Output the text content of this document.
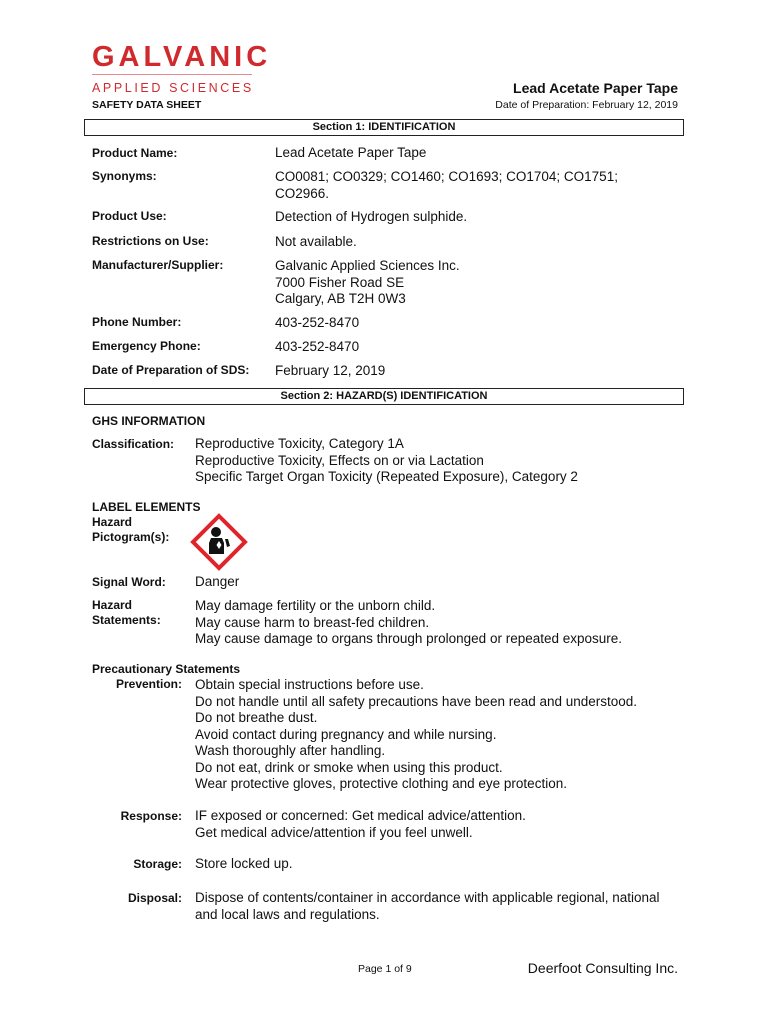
GALVANIC
APPLIED SCIENCES
SAFETY DATA SHEET
Lead Acetate Paper Tape
Date of Preparation: February 12, 2019
Section 1: IDENTIFICATION
Product Name:	Lead Acetate Paper Tape
Synonyms:	CO0081; CO0329; CO1460; CO1693; CO1704; CO1751;
CO2966.
Product Use:	Detection of Hydrogen sulphide.
Restrictions on Use:	Not available.
Manufacturer/Supplier:	Galvanic Applied Sciences Inc.
7000 Fisher Road SE
Calgary, AB T2H 0W3
Phone Number:	403-252-8470
Emergency Phone:	403-252-8470
Date of Preparation of SDS: February 12, 2019
Section 2: HAZARD(S) IDENTIFICATION
GHS INFORMATION
Classification: Reproductive Toxicity, Category 1A
Reproductive Toxicity, Effects on or via Lactation
Specific Target Organ Toxicity (Repeated Exposure), Category 2
LABEL ELEMENTS
Hazard
Pictogram(s):
Signal Word: Danger
Hazard
Statements:
May damage fertility or the unborn child.
May cause harm to breast-fed children.
May cause damage to organs through prolonged or repeated exposure.
Precautionary Statements
Prevention: Obtain special instructions before use.
Do not handle until all safety precautions have been read and understood.
Do not breathe dust.
Avoid contact during pregnancy and while nursing.
Wash thoroughly after handling.
Do not eat, drink or smoke when using this product.
Wear protective gloves, protective clothing and eye protection.
Response: IF exposed or concerned: Get medical advice/attention.
Get medical advice/attention if you feel unwell.
Storage: Store locked up.
Disposal: Dispose of contents/container in accordance with applicable regional, national
and local laws and regulations.
Page 1 of 9	Deerfoot Consulting Inc.
